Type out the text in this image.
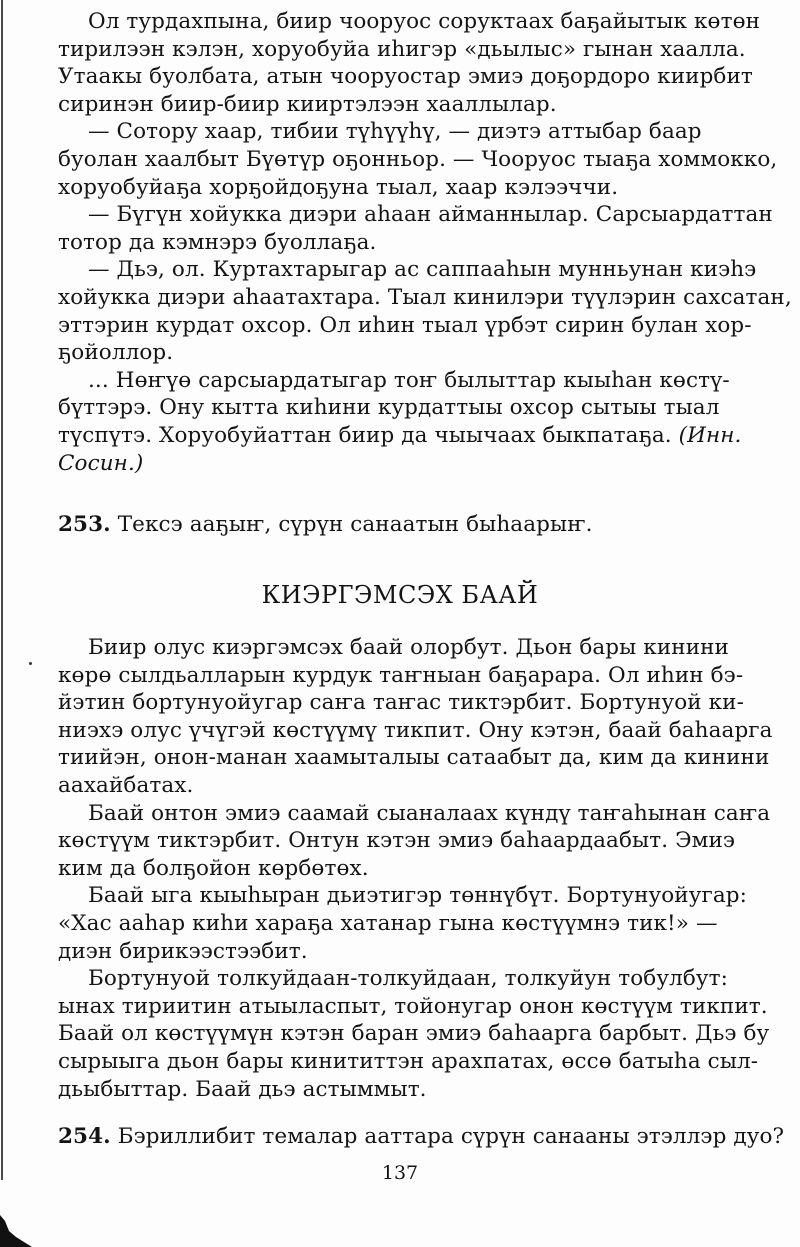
Ол турдахпына, биир чооруос сoруктаах баҕайытык көтөн
тирилээн кэлэн, хоруобуйа иhигэр «дьылыс» гынан хаалла.
Утаакы буолбата, атын чооруостар эмиэ доҕордоро киирбит
сиринэн биир-биир кииртэлээн хааллылар.
— Сотору хаар, тибии түhүүhү, — диэтэ аттыбар баар
буолан хаалбыт Бүөтүр оҕонньор. — Чооруос тыаҕа хоммокко,
хоруобуйаҕа хорҕойдоҕуна тыал, хаар кэлээччи.
— Бүгүн хойукка диэри аhаан айманнылар. Сарсыардаттан
тотор да кэмнэрэ буоллаҕа.
— Дьэ, ол. Куртахтарыгар ас саппааhын мунньунан киэhэ
хойукка диэри аhаатахтара. Тыал кинилэри түүлэрин сахсатан,
эттэрин курдат охсор. Ол иhин тыал үрбэт сирин булан хор-
ҕойоллор.
... Нөҥүө сарсыардатыгар тоҥ былыттар кыыhан көстү-
бүттэрэ. Ону кытта киhини курдаттыы охсор сытыы тыал
түспүтэ. Хоруобуйаттан биир да чыычаах быкпатаҕа. (Инн.
Сосин.)
253. Тексэ ааҕыҥ, сүрүн санаатын быhаарыҥ.
КИЭРГЭМСЭХ БААЙ
Биир олус киэргэмсэх баай олорбут. Дьон бары кинини
көрө сылдьалларын курдук таҥныан баҕарара. Ол иhин бэ-
йэтин бортунуойугар саҥа таҥас тиктэрбит. Бортунуой ки-
ниэхэ олус үчүгэй көстүүмү тикпит. Ону кэтэн, баай баhаарга
тиийэн, онон-манан хаамыталыы сатаабыт да, ким да кинини
аахайбатах.
Баай онтон эмиэ саамай сыаналаах күндү таҥаhынан саҥа
көстүүм тиктэрбит. Онтун кэтэн эмиэ баhаардаабыт. Эмиэ
ким да болҕойон көрбөтөх.
Баай ыга кыыhыран дьиэтигэр төннүбүт. Бортунуойугар:
«Хас ааhар киhи хараҕа хатанар гына көстүүмнэ тик!» —
диэн бирикээстээбит.
Бортунуой толкуйдаан-толкуйдаан, толкуйун тобулбут:
ынах тириитин атыыласпыт, тойонугар онон көстүүм тикпит.
Баай ол көстүүмүн кэтэн баран эмиэ баhаарга барбыт. Дьэ бу
сырыыга дьон бары кинититтэн арахпатах, өссө батыhа сыл-
дьыбыттар. Баай дьэ астыммыт.
254. Бэриллибит темалар ааттара сүрүн санааны этэллэр дуо?
137
